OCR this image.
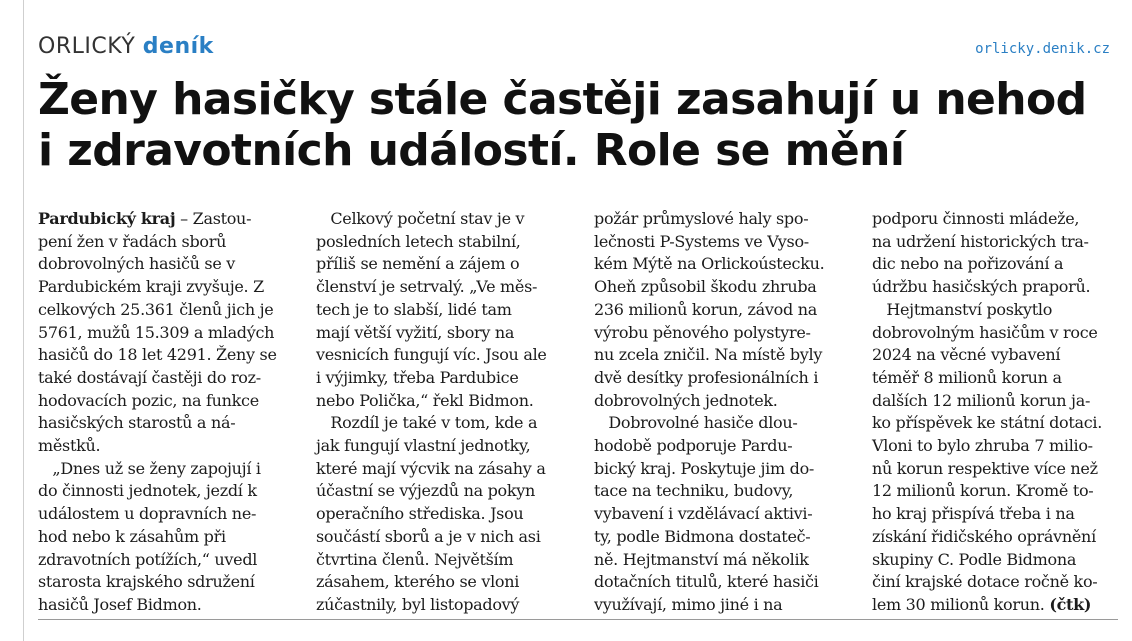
ORLICKÝ deník	orlicky.denik.cz
Ženy hasičky stále častěji zasahují u nehod
i zdravotních událostí. Role se mění
Pardubický kraj – Zastou-
pení žen v řadách sborů
dobrovolných hasičů se v
Pardubickém kraji zvyšuje. Z
celkových 25.361 členů jich je
5761, mužů 15.309 a mladých
hasičů do 18 let 4291. Ženy se
také dostávají častěji do roz-
hodovacích pozic, na funkce
hasičských starostů a ná-
městků.
„Dnes už se ženy zapojují i
do činnosti jednotek, jezdí k
událostem u dopravních ne-
hod nebo k zásahům při
zdravotních potížích,“ uvedl
starosta krajského sdružení
hasičů Josef Bidmon.
Celkový početní stav je v
posledních letech stabilní,
příliš se nemění a zájem o
členství je setrvalý. „Ve měs-
tech je to slabší, lidé tam
mají větší vyžití, sbory na
vesnicích fungují víc. Jsou ale
i výjimky, třeba Pardubice
nebo Polička,“ řekl Bidmon.
Rozdíl je také v tom, kde a
jak fungují vlastní jednotky,
které mají výcvik na zásahy a
účastní se výjezdů na pokyn
operačního střediska. Jsou
součástí sborů a je v nich asi
čtvrtina členů. Největším
zásahem, kterého se vloni
zúčastnily, byl listopadový
požár průmyslové haly spo-
lečnosti P-Systems ve Vyso-
kém Mýtě na Orlickoústecku.
Oheň způsobil škodu zhruba
236 milionů korun, závod na
výrobu pěnového polystyre-
nu zcela zničil. Na místě byly
dvě desítky profesionálních i
dobrovolných jednotek.
Dobrovolné hasiče dlou-
hodobě podporuje Pardu-
bický kraj. Poskytuje jim do-
tace na techniku, budovy,
vybavení i vzdělávací aktivi-
ty, podle Bidmona dostateč-
ně. Hejtmanství má několik
dotačních titulů, které hasiči
využívají, mimo jiné i na
podporu činnosti mládeže,
na udržení historických tra-
dic nebo na pořizování a
údržbu hasičských praporů.
Hejtmanství poskytlo
dobrovolným hasičům v roce
2024 na věcné vybavení
téměř 8 milionů korun a
dalších 12 milionů korun ja-
ko příspěvek ke státní dotaci.
Vloni to bylo zhruba 7 milio-
nů korun respektive více než
12 milionů korun. Kromě to-
ho kraj přispívá třeba i na
získání řidičského oprávnění
skupiny C. Podle Bidmona
činí krajské dotace ročně ko-
lem 30 milionů korun. (čtk)
